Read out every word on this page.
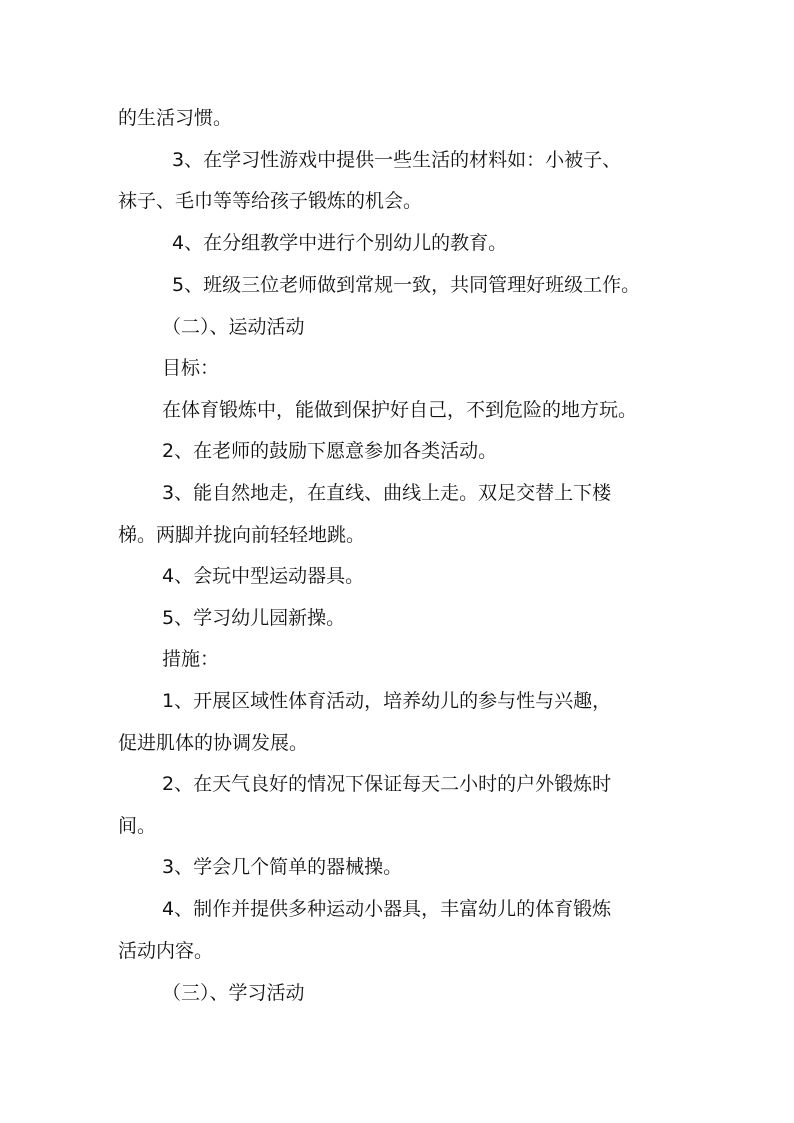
的生活习惯。

3、在学习性游戏中提供一些生活的材料如：小被子、

袜子、毛巾等等给孩子锻炼的机会。

4、在分组教学中进行个别幼儿的教育。

5、班级三位老师做到常规一致，共同管理好班级工作。

（二）、运动活动

目标：

在体育锻炼中，能做到保护好自己，不到危险的地方玩。

2、在老师的鼓励下愿意参加各类活动。

3、能自然地走，在直线、曲线上走。双足交替上下楼

梯。两脚并拢向前轻轻地跳。

4、会玩中型运动器具。

5、学习幼儿园新操。

措施：

1、开展区域性体育活动，培养幼儿的参与性与兴趣，

促进肌体的协调发展。

2、在天气良好的情况下保证每天二小时的户外锻炼时

间。

3、学会几个简单的器械操。

4、制作并提供多种运动小器具，丰富幼儿的体育锻炼

活动内容。

（三）、学习活动
